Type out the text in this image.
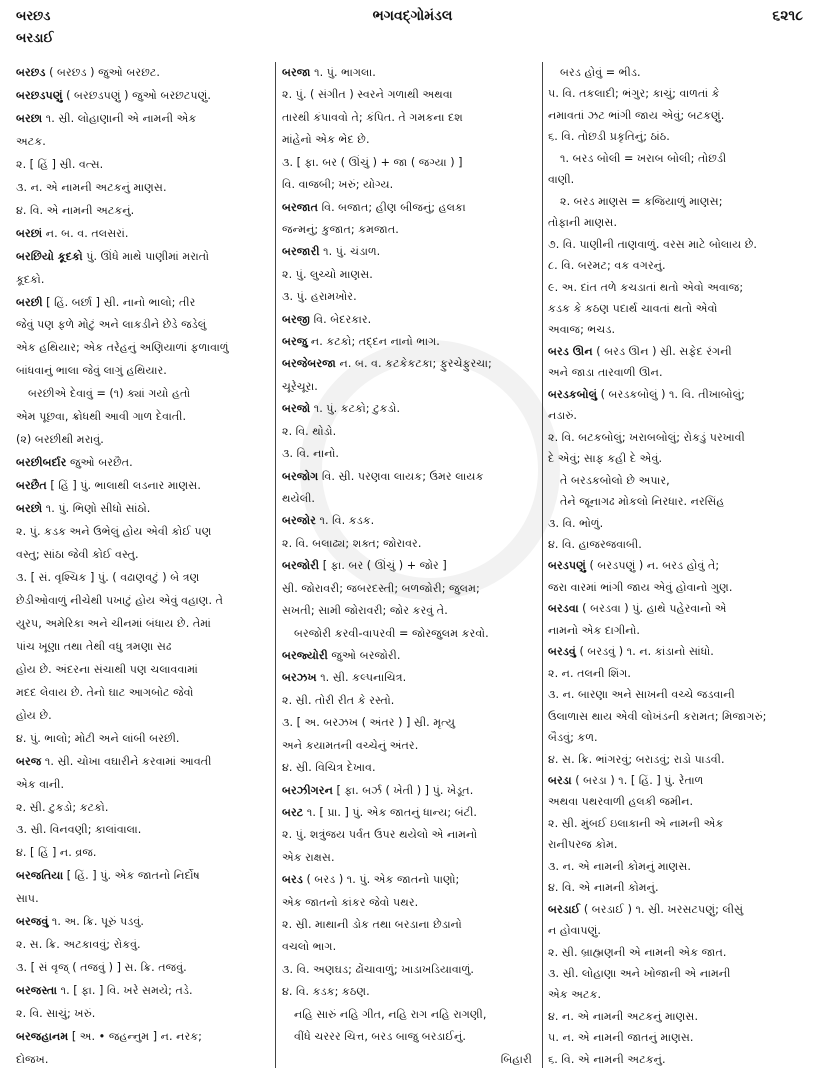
બરછડ
બરડાઈ
ભગવદ્ગોમંડલ	૬૨૧૮
બરછડ ( બરછડ ) જુઓ બરછટ.
બરછડપણું ( બરછડપણું ) જુઓ બરછટપણું.
બરછા ૧. સ્રી. લોહાણાની એ નામની એક
અટક.
૨. [ હિં ] સ્રી. વત્સ.
૩. ન. એ નામની અટકનું માણસ.
૪. વિ. એ નામની અટકનું.
બરછાં ન. બ. વ. તલસરાં.
બરછિયો કૂદકો પું. ઊંધે માથે પાણીમાં મરાતો
કૂદકો.
બરછી [ હિં. બર્છા ] સ્રી. નાનો ભાલો; તીર
જેવું પણ ફળે મોટું અને લાકડીને છેડે જડેલું
એક હથિયાર; એક તરેહનું અણિયાળાં ફળાવાળું
બાંધવાનું ભાલા જેવું લાગું હથિયાર.
બરછીએ દેવાવું = (૧) ક્યાં ગયો હતો
એમ પૂછવા, ક્રોધથી આવી ગાળ દેવાતી.
(૨) બરછીથી મરાવું.
બરછીબર્દાર જુઓ બરછૈત.
બરછૈત [ હિં ] પું. ભાલાથી લડનાર માણસ.
બરછો ૧. પું. ભિણો સીધો સાંઠો.
૨. પું. કડક અને ઉભેલું હોય એવી કોઈ પણ
વસ્તુ; સાંઠા જેવી કોઈ વસ્તુ.
૩. [ સં. વૃશ્ચિક ] પું. ( વઢાણવટું ) બે ત્રણ
છેડીઓવાળું નીચેથી પખાટું હોય એવું વહાણ. તે
યુરપ, અમેરિકા અને ચીનમાં બંધાય છે. તેમાં
પાંચ ખૂણા તથા તેથી વધુ ત્રમણા સઢ
હોય છે. અંદરના સંચાથી પણ ચલાવવામાં
મદદ લેવાય છે. તેનો ઘાટ આગબોટ જેવો
હોય છે.
૪. પું. ભાલો; મોટી અને લાંબી બરછી.
બરજ ૧. સ્રી. ચોખા વઘારીને કરવામાં આવતી
એક વાની.
૨. સ્રી. ટુકડો; કટકો.
૩. સ્રી. વિનવણી; કાલાંવાલા.
૪. [ હિં ] ન. વ્રજ.
બરજતિયા [ હિં. ] પું. એક જાતનો નિર્દોષ
સાપ.
બરજવું ૧. અ. ક્રિ. પૂરું પડવું.
૨. સ. ક્રિ. અટકાવવું; રોકવું.
૩. [ સં વૃજ્ ( તજવું ) ] સ. ક્રિ. તજવું.
બરજસ્તા ૧. [ ફા. ] વિ. ખરે સમયે; તડે.
૨. વિ. સાચું; ખરું.
બરજહાનમ [ અ. • જહન્નુમ ] ન. નરક;
દોજખ.
બરજા ૧. પું. ભાગલા.
૨. પું. ( સંગીત ) સ્વરને ગળાથી અથવા
તારથી કંપાવવો તે; કંપિત. તે ગમકના દશ
માંહેનો એક ભેદ છે.
૩. [ ફા. બર ( ઊંચું ) + જા ( જગ્યા ) ]
વિ. વાજબી; ખરું; યોગ્ય.
બરજાત વિ. બજાત; હીણ બીજનું; હલકા
જન્મનું; કુજાત; કમજાત.
બરજારી ૧. પું. ચંડાળ.
૨. પું. લુચ્ચો માણસ.
૩. પું. હરામખોર.
બરજી વિ. બેદરકાર.
બરજુ ન. કટકો; તદ્દન નાનો ભાગ.
બરજેબરજા ન. બ. વ. કટકેકટકા; ફુરચેફુરચા;
ચૂરેચૂરા.
બરજો ૧. પું. કટકો; ટુકડો.
૨. વિ. થોડો.
૩. વિ. નાનો.
બરજોગ વિ. સ્રી. પરણવા લાયક; ઉમર લાયક
થયેલી.
બરજોર ૧. વિ. કડક.
૨. વિ. બલાઢ્ય; શક્ત; જોરાવર.
બરજોરી [ ફા. બર ( ઊંચું ) + જોર ]
સ્રી. જોરાવરી; જબરદસ્તી; બળજોરી; જુલમ;
સખતી; સામી જોરાવરી; જોર કરવું તે.
બરજોરી કરવી-વાપરવી = જોરજુલમ કરવો.
બરજ્યોરી જુઓ બરજોરી.
બરઝખ ૧. સ્રી. કલ્પનાચિત્ર.
૨. સ્રી. તોરી રીત કે રસ્તો.
૩. [ અ. બરઝખ ( અંતર ) ] સ્રી. મૃત્યુ
અને કયામતની વચ્ચેનું અંતર.
૪. સ્રી. વિચિત્ર દેખાવ.
બરઝીગરન [ ફા. બર્ઝ ( ખેતી ) ] પું. ખેડૂત.
બરટ ૧. [ પ્રા. ] પું. એક જાતનું ધાન્ય; બંટી.
૨. પું. શત્રુંજય પર્વત ઉપર થયેલો એ નામનો
એક રાક્ષસ.
બરડ ( બરડ ) ૧. પું. એક જાતનો પાણો;
એક જાતનો કાંકર જેવો પથર.
૨. સ્રી. માથાની ડોક તથા બરડાના છેડાનો
વચલો ભાગ.
૩. વિ. અણઘડ; ઢોંચાવાળું; ખાડાખડિયાવાળું.
૪. વિ. કડક; કઠણ.
નહિ સારું નહિ ગીત, નહિ રાગ નહિ રાગણી,
વીંધે ચરરર ચિત્ત, બરડ બાજુ બરડાઈનું.
બિહારી
બરડ હોવું = ભીડ.
૫. વિ. તકલાદી; ભંગુર; કાચું; વાળતાં કે
નમાવતાં ઝટ ભાંગી જાય એવું; બટકણું.
૬. વિ. તોછડી પ્રકૃતિનું; ઠાંઠ.
૧. બરડ બોલી = ખરાબ બોલી; તોછડી
વાણી.
૨. બરડ માણસ = કજિયાળું માણસ;
તોફાની માણસ.
૭. વિ. પાણીની તાણવાળું. વરસ માટે બોલાય છે.
૮. વિ. બરમટ; વક વગરનું.
૯. અ. દાંત તળે કચડાતાં થતો એવો અવાજ;
કડક કે કઠણ પદાર્થ ચાવતાં થતો એવો
અવાજ; ભચડ.
બરડ ઊન ( બરડ ઊન ) સ્રી. સફેદ રંગની
અને જાડા તારવાળી ઊન.
બરડકબોલું ( બરડકબોલું ) ૧. વિ. તીખાબોલું;
નડારું.
૨. વિ. બટકબોલું; ખરાબબોલું; રોકડું પરખાવી
દે એવું; સાફ કહી દે એવું.
તે બરડકબોલો છે અપાર,
તેને જૂનાગઢ મોકલો નિરધાર. નરસિંહ
૩. વિ. ભોળું.
૪. વિ. હાજરજવાબી.
બરડપણું ( બરડપણું ) ન. બરડ હોવું તે;
જરા વારમાં ભાંગી જાય એવું હોવાનો ગુણ.
બરડવા ( બરડવા ) પું. હાથે પહેરવાનો એ
નામનો એક દાગીનો.
બરડવું ( બરડવું ) ૧. ન. કાંડાનો સાંધો.
૨. ન. તલની શિંગ.
૩. ન. બારણા અને સાખની વચ્ચે જડવાની
ઉલાળાસ થાય એવી લોખંડની કરામત; મિજાગરું;
બૈડવું; કળ.
૪. સ. ક્રિ. ભાંગરવું; બરાડવું; રાડો પાડવી.
બરડા ( બરડા ) ૧. [ હિં. ] પું. રેતાળ
અથવા પથરવાળી હલકી જમીન.
૨. સ્રી. મુંબઈ ઇલાકાની એ નામની એક
રાનીપરજ કોમ.
૩. ન. એ નામની કોમનું માણસ.
૪. વિ. એ નામની કોમનું.
બરડાઈ ( બરડાઈ ) ૧. સ્રી. ખરસટપણું; લીસું
ન હોવાપણું.
૨. સ્રી. બ્રાહ્મણની એ નામની એક જાત.
૩. સ્રી. લોહાણા અને ખોજાની એ નામની
એક અટક.
૪. ન. એ નામની અટકનું માણસ.
૫. ન. એ નામની જાતનું માણસ.
૬. વિ. એ નામની અટકનું.
